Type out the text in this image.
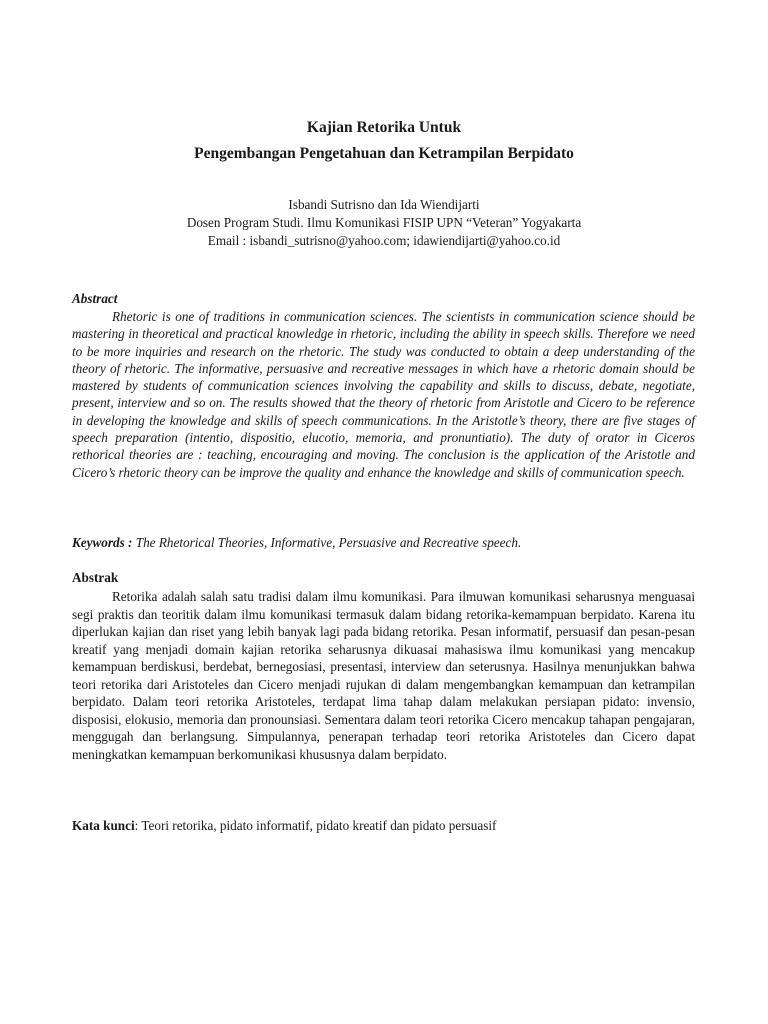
Kajian Retorika Untuk
Pengembangan Pengetahuan dan Ketrampilan Berpidato
Isbandi Sutrisno dan Ida Wiendijarti
Dosen Program Studi. Ilmu Komunikasi FISIP UPN “Veteran” Yogyakarta
Email : isbandi_sutrisno@yahoo.com; idawiendijarti@yahoo.co.id
Abstract
Rhetoric is one of traditions in communication sciences. The scientists in communication science should be mastering in theoretical and practical knowledge in rhetoric, including the ability in speech skills. Therefore we need to be more inquiries and research on the rhetoric. The study was conducted to obtain a deep understanding of the theory of rhetoric. The informative, persuasive and recreative messages in which have a rhetoric domain should be mastered by students of communication sciences involving the capability and skills to discuss, debate, negotiate, present, interview and so on. The results showed that the theory of rhetoric from Aristotle and Cicero to be reference in developing the knowledge and skills of speech communications. In the Aristotle’s theory, there are five stages of speech preparation (intentio, dispositio, elucotio, memoria, and pronuntiatio). The duty of orator in Ciceros rethorical theories are : teaching, encouraging and moving. The conclusion is the application of the Aristotle and Cicero’s rhetoric theory can be improve the quality and enhance the knowledge and skills of communication speech.
Keywords : The Rhetorical Theories, Informative, Persuasive and Recreative speech.
Abstrak
Retorika adalah salah satu tradisi dalam ilmu komunikasi. Para ilmuwan komunikasi seharusnya menguasai segi praktis dan teoritik dalam ilmu komunikasi termasuk dalam bidang retorika-kemampuan berpidato. Karena itu diperlukan kajian dan riset yang lebih banyak lagi pada bidang retorika. Pesan informatif, persuasif dan pesan-pesan kreatif yang menjadi domain kajian retorika seharusnya dikuasai mahasiswa ilmu komunikasi yang mencakup kemampuan berdiskusi, berdebat, bernegosiasi, presentasi, interview dan seterusnya. Hasilnya menunjukkan bahwa teori retorika dari Aristoteles dan Cicero menjadi rujukan di dalam mengembangkan kemampuan dan ketrampilan berpidato. Dalam teori retorika Aristoteles, terdapat lima tahap dalam melakukan persiapan pidato: invensio, disposisi, elokusio, memoria dan pronounsiasi. Sementara dalam teori retorika Cicero mencakup tahapan pengajaran, menggugah dan berlangsung. Simpulannya, penerapan terhadap teori retorika Aristoteles dan Cicero dapat meningkatkan kemampuan berkomunikasi khususnya dalam berpidato.
Kata kunci: Teori retorika, pidato informatif, pidato kreatif dan pidato persuasif
